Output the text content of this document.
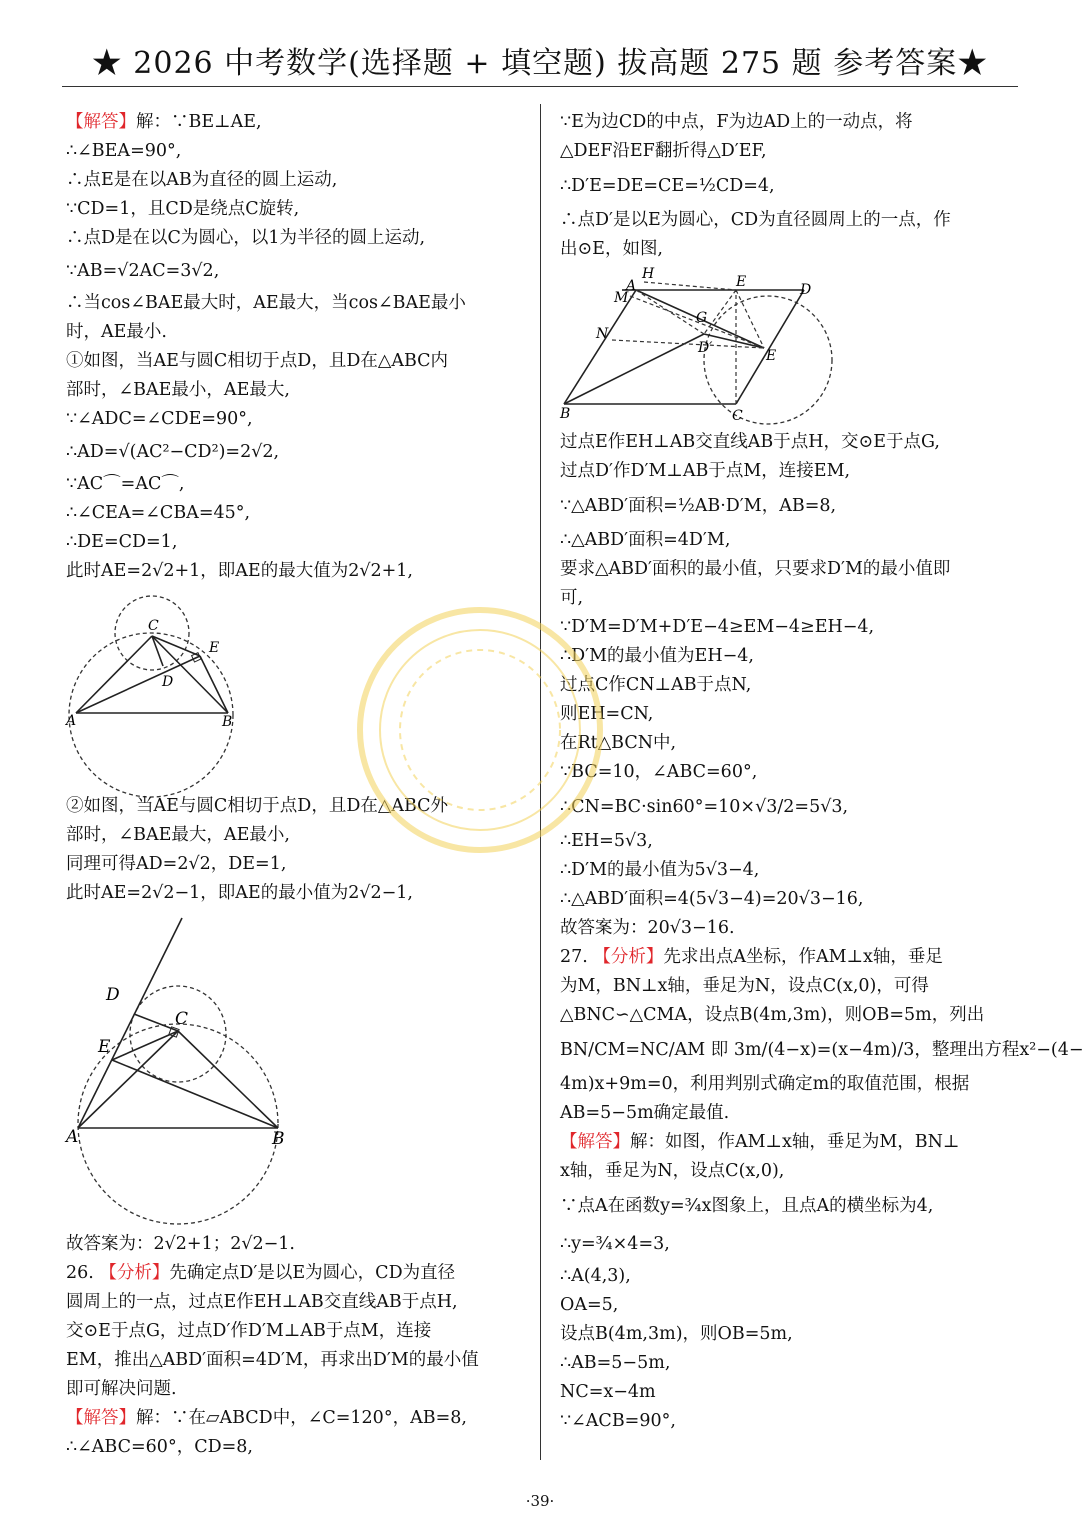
★ 2026 中考数学(选择题 + 填空题) 拔高题 275 题 参考答案★
【解答】解：∵BE⊥AE,
∴∠BEA=90°,
∴点E是在以AB为直径的圆上运动,
∵CD=1，且CD是绕点C旋转,
∴点D是在以C为圆心，以1为半径的圆上运动,
∵AB=√2AC=3√2,
∴当cos∠BAE最大时，AE最大，当cos∠BAE最小
时，AE最小.
①如图，当AE与圆C相切于点D，且D在△ABC内
部时，∠BAE最小，AE最大,
∵∠ADC=∠CDE=90°,
∴AD=√(AC²−CD²)=2√2,
∵AC⌒=AC⌒,
∴∠CEA=∠CBA=45°,
∴DE=CD=1,
此时AE=2√2+1，即AE的最大值为2√2+1,
C
E
D
A	B
②如图，当AE与圆C相切于点D，且D在△ABC外
部时，∠BAE最大，AE最小,
同理可得AD=2√2，DE=1,
此时AE=2√2−1，即AE的最小值为2√2−1,
D
C
E
A	B
故答案为：2√2+1；2√2−1.
26. 【分析】先确定点D′是以E为圆心，CD为直径
圆周上的一点，过点E作EH⊥AB交直线AB于点H,
交⊙E于点G，过点D′作D′M⊥AB于点M，连接
EM，推出△ABD′面积=4D′M，再求出D′M的最小值
即可解决问题.
【解答】解：∵在▱ABCD中，∠C=120°，AB=8,
∴∠ABC=60°，CD=8,
∵E为边CD的中点，F为边AD上的一动点，将
△DEF沿EF翻折得△D′EF,
∴D′E=DE=CE=½CD=4,
∴点D′是以E为圆心，CD为直径圆周上的一点，作
出⊙E，如图,
H
A
M
E	D
G
N
D′	E
B	C
过点E作EH⊥AB交直线AB于点H，交⊙E于点G,
过点D′作D′M⊥AB于点M，连接EM,
∵△ABD′面积=½AB·D′M，AB=8,
∴△ABD′面积=4D′M,
要求△ABD′面积的最小值，只要求D′M的最小值即
可,
∵D′M=D′M+D′E−4≥EM−4≥EH−4,
∴D′M的最小值为EH−4,
过点C作CN⊥AB于点N,
则EH=CN,
在Rt△BCN中,
∵BC=10，∠ABC=60°,
∴CN=BC·sin60°=10×√3/2=5√3,
∴EH=5√3,
∴D′M的最小值为5√3−4,
∴△ABD′面积=4(5√3−4)=20√3−16,
故答案为：20√3−16.
27. 【分析】先求出点A坐标，作AM⊥x轴，垂足
为M，BN⊥x轴，垂足为N，设点C(x,0)，可得
△BNC∽△CMA，设点B(4m,3m)，则OB=5m，列出
BN/CM=NC/AM 即 3m/(4−x)=(x−4m)/3，整理出方程x²−(4−
4m)x+9m=0，利用判别式确定m的取值范围，根据
AB=5−5m确定最值.
【解答】解：如图，作AM⊥x轴，垂足为M，BN⊥
x轴，垂足为N，设点C(x,0),
∵点A在函数y=¾x图象上，且点A的横坐标为4,
∴y=¾×4=3,
∴A(4,3),
OA=5,
设点B(4m,3m)，则OB=5m,
∴AB=5−5m,
NC=x−4m
∵∠ACB=90°,
·39·
